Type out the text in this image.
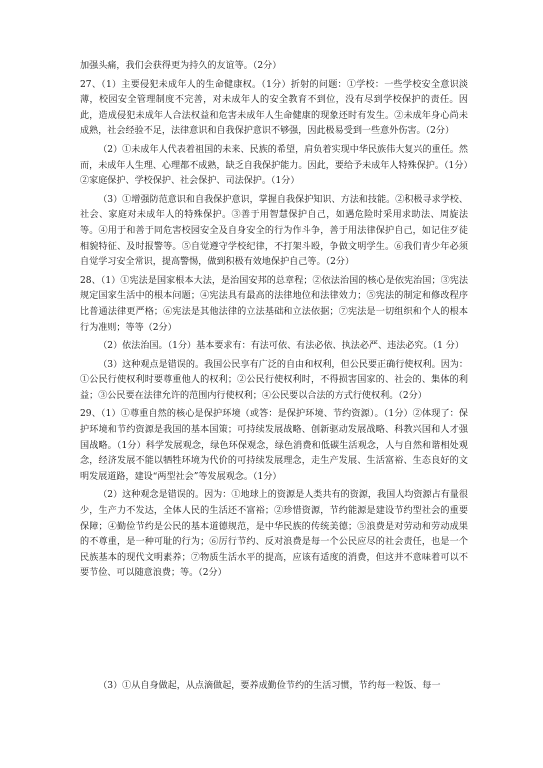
加强头痛，我们会获得更为持久的友谊等。（2分）

27、（1）主要侵犯未成年人的生命健康权。（1分）折射的问题：①学校：一些学校安全意识淡薄，校园安全管理制度不完善，对未成年人的安全教育不到位，没有尽到学校保护的责任。因此，造成侵犯未成年人合法权益和危害未成年人生命健康的现象还时有发生。②未成年身心尚未成熟，社会经验不足，法律意识和自我保护意识不够强，因此极易受到一些意外伤害。（2分）

（2）①未成年人代表着祖国的未来、民族的希望，肩负着实现中华民族伟大复兴的重任。然而，未成年人生理、心理都不成熟，缺乏自我保护能力。因此，要给予未成年人特殊保护。（1分）②家庭保护、学校保护、社会保护、司法保护。（1分）

（3）①增强防范意识和自我保护意识，掌握自我保护知识、方法和技能。②积极寻求学校、社会、家庭对未成年人的特殊保护。③善于用智慧保护自己，如遇危险时采用求助法、周旋法等。④用于和善于同危害校园安全及自身安全的行为作斗争，善于用法律保护自己，如记住歹徒相貌特征、及时报警等。⑤自觉遵守学校纪律，不打架斗殴，争做文明学生。⑥我们青少年必须自觉学习安全常识，提高警惕，做到积极有效地保护自己等。（2分）

28、（1）①宪法是国家根本大法，是治国安邦的总章程；②依法治国的核心是依宪治国；③宪法规定国家生活中的根本问题；④宪法具有最高的法律地位和法律效力；⑤宪法的制定和修改程序比普通法律更严格；⑥宪法是其他法律的立法基础和立法依据；⑦宪法是一切组织和个人的根本行为准则；等等（2分）

（2）依法治国。（1分）基本要求有：有法可依、有法必依、执法必严、违法必究。（1 分）

（3）这种观点是错误的。我国公民享有广泛的自由和权利，但公民要正确行使权利。因为：①公民行使权利时要尊重他人的权利；②公民行使权利时，不得损害国家的、社会的、集体的利益；③公民要在法律允许的范围内行使权利；④公民要以合法的方式行使权利。（2分）

29、（1）①尊重自然的核心是保护环境（或答：是保护环境、节约资源）。（1分）②体现了：保护环境和节约资源是我国的基本国策；可持续发展战略、创新驱动发展战略、科教兴国和人才强国战略。（1分）科学发展观念，绿色环保观念，绿色消费和低碳生活观念，人与自然和谐相处观念，经济发展不能以牺牲环境为代价的可持续发展理念，走生产发展、生活富裕、生态良好的文明发展道路，建设“两型社会”等发展观念。（1分）

（2）这种观念是错误的。因为：①地球上的资源是人类共有的资源，我国人均资源占有量很少，生产力不发达，全体人民的生活还不富裕；②珍惜资源，节约能源是建设节约型社会的重要保障；④勤俭节约是公民的基本道德规范，是中华民族的传统美德；⑤浪费是对劳动和劳动成果的不尊重，是一种可耻的行为；⑥厉行节约、反对浪费是每一个公民应尽的社会责任，也是一个民族基本的现代文明素养；⑦物质生活水平的提高，应该有适度的消费，但这并不意味着可以不要节俭、可以随意浪费；等。（2分）

（3）①从自身做起，从点滴做起，要养成勤俭节约的生活习惯，节约每一粒饭、每一
